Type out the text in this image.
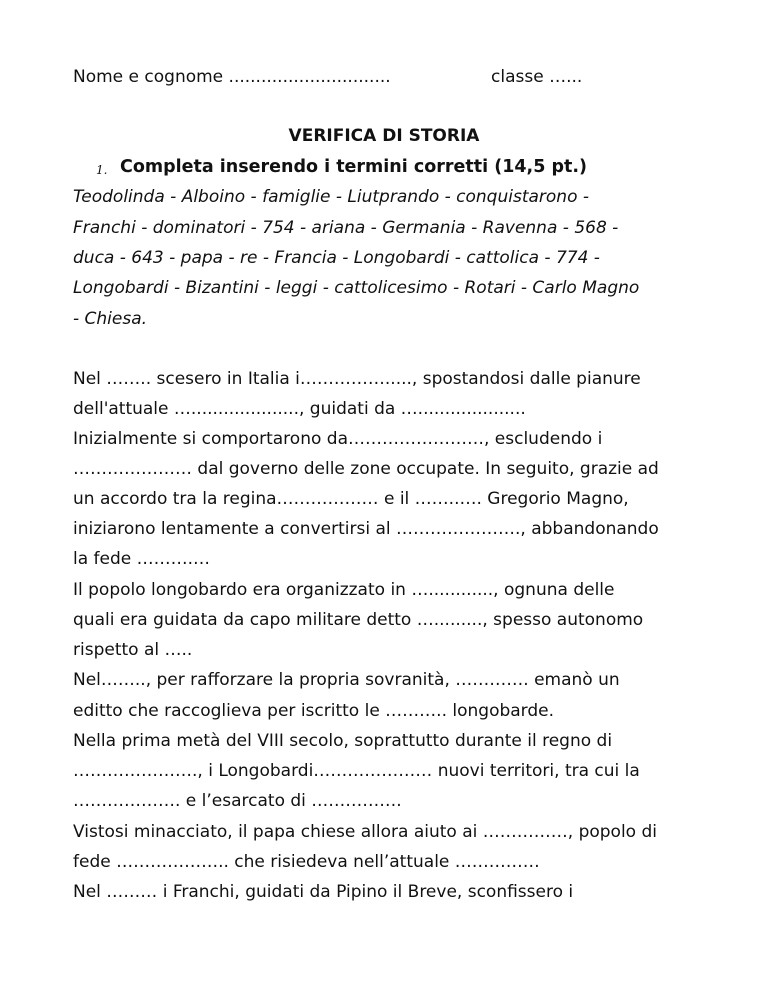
Nome e cognome ..............................	classe …...
VERIFICA DI STORIA
1. Completa inserendo i termini corretti (14,5 pt.)
Teodolinda - Alboino - famiglie - Liutprando - conquistarono -
Franchi - dominatori - 754 - ariana - Germania - Ravenna - 568 -
duca - 643 - papa - re - Francia - Longobardi - cattolica - 774 -
Longobardi - Bizantini - leggi - cattolicesimo - Rotari - Carlo Magno
- Chiesa.
Nel …….. scesero in Italia i……………....., spostandosi dalle pianure
dell'attuale …...................., guidati da …....................
Inizialmente si comportarono da……………………, escludendo i
………………… dal governo delle zone occupate. In seguito, grazie ad
un accordo tra la regina……………… e il ……..…. Gregorio Magno,
iniziarono lentamente a convertirsi al …………………., abbandonando
la fede ……….…
Il popolo longobardo era organizzato in …............, ognuna delle
quali era guidata da capo militare detto …........., spesso autonomo
rispetto al …..
Nel…….., per rafforzare la propria sovranità, …………. emanò un
editto che raccoglieva per iscritto le ……….. longobarde.
Nella prima metà del VIII secolo, soprattutto durante il regno di
…………………., i Longobardi………………… nuovi territori, tra cui la
………………. e l’esarcato di …………….
Vistosi minacciato, il papa chiese allora aiuto ai ……………, popolo di
fede ……………….. che risiedeva nell’attuale ……………
Nel ……… i Franchi, guidati da Pipino il Breve, sconfissero i
